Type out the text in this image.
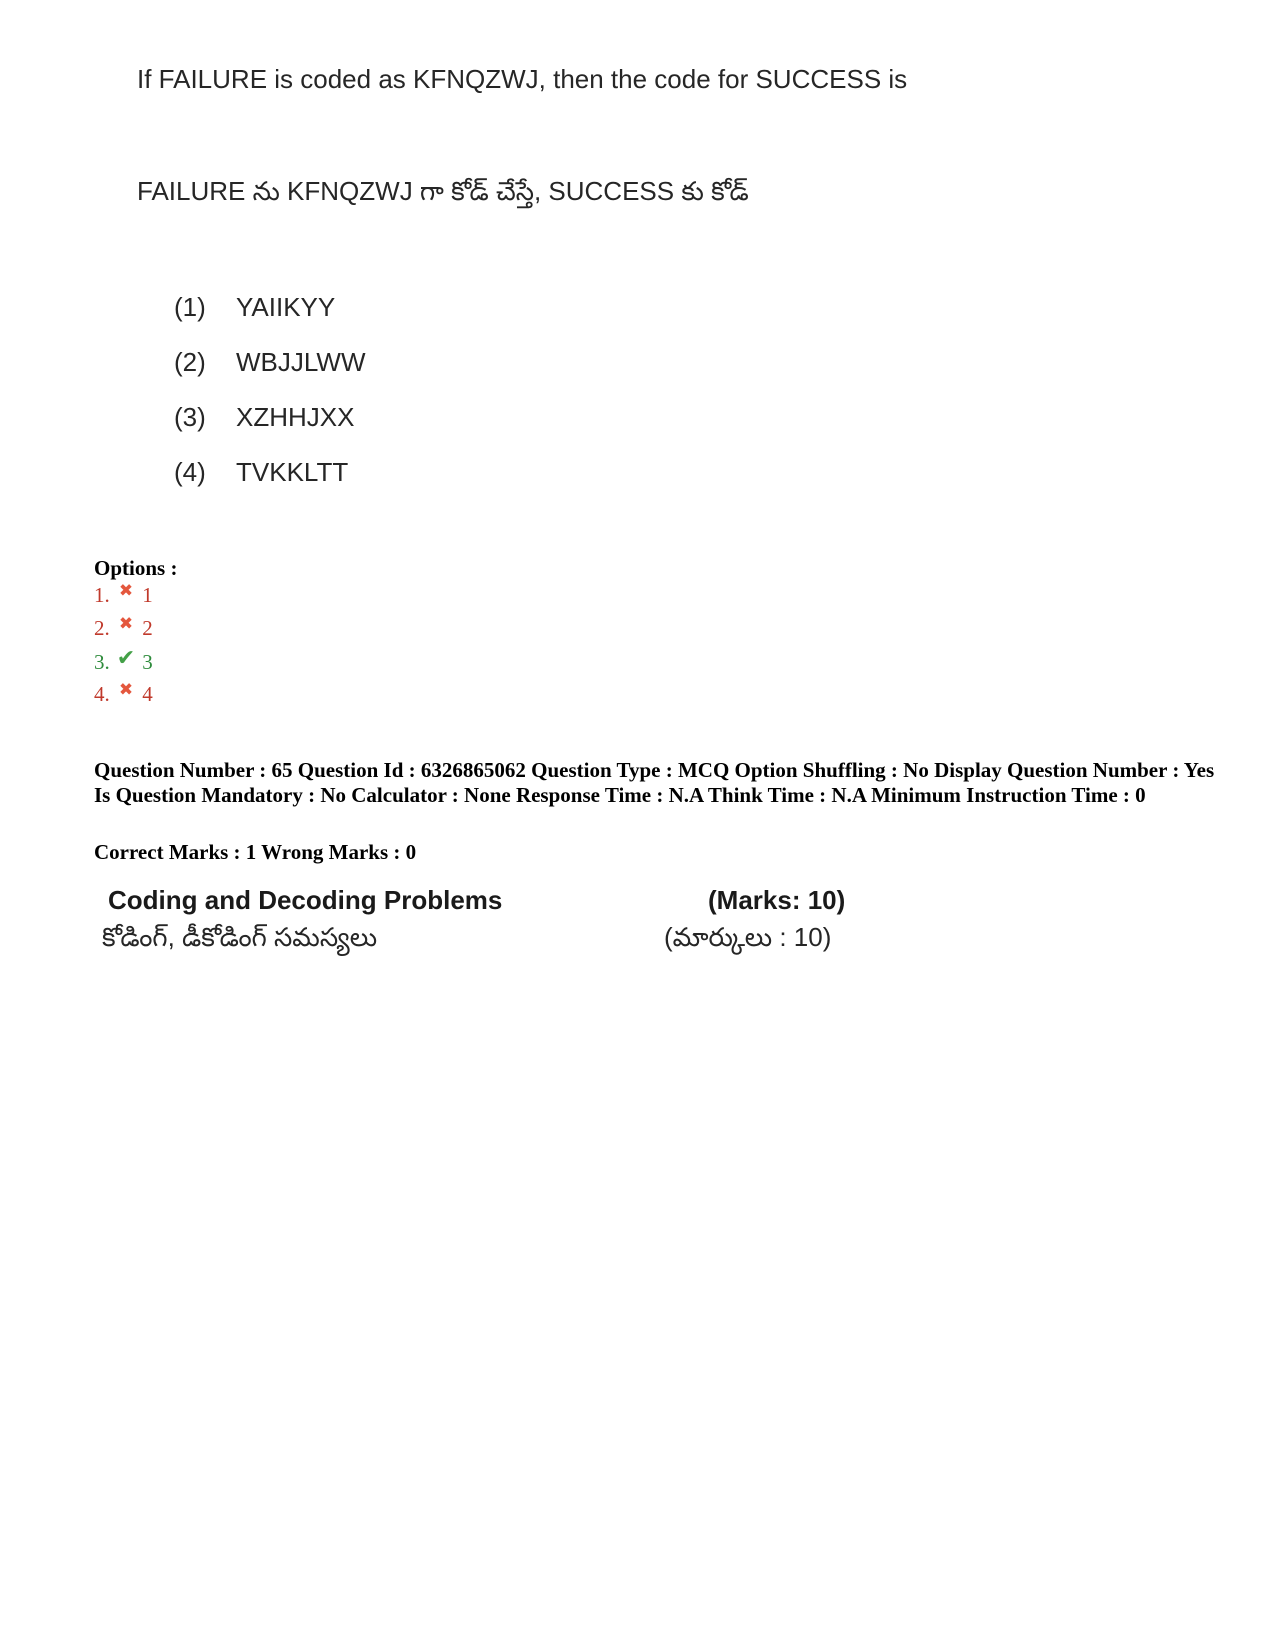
If FAILURE is coded as KFNQZWJ, then the code for SUCCESS is
FAILURE ను KFNQZWJ గా కోడ్ చేస్తే, SUCCESS కు కోడ్
(1) YAIIKYY
(2) WBJJLWW
(3) XZHHJXX
(4) TVKKLTT
Options :
1. ✖ 1
2. ✖ 2
3. ✔ 3
4. ✖ 4
Question Number : 65 Question Id : 6326865062 Question Type : MCQ Option Shuffling : No Display Question Number : Yes Is Question Mandatory : No Calculator : None Response Time : N.A Think Time : N.A Minimum Instruction Time : 0
Correct Marks : 1 Wrong Marks : 0
Coding and Decoding Problems	(Marks: 10)
కోడింగ్, డీకోడింగ్ సమస్యలు	(మార్కులు : 10)
